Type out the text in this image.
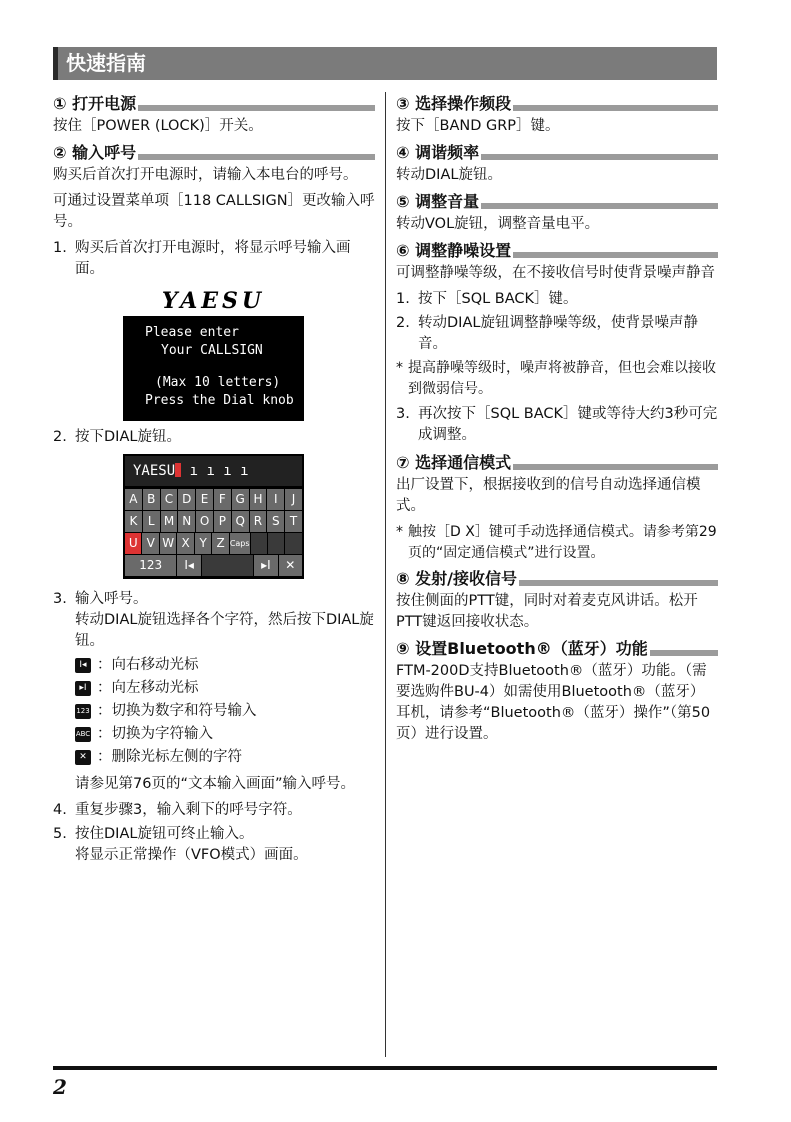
快速指南
① 打开电源

按住［POWER (LOCK)］开关。

② 输入呼号

购买后首次打开电源时，请输入本电台的呼号。

可通过设置菜单项［118 CALLSIGN］更改输入呼号。

1. 购买后首次打开电源时，将显示呼号输入画面。
YAESU
Please enter
Your CALLSIGN
(Max 10 letters)
Press the Dial knob
2. 按下DIAL旋钮。
YAESU ı ı ı ı
A B C D E F G H I	J
K L M N O P Q R S T
U V W X Y Z Caps
123	I◂	▸I	✕
3. 输入呼号。
转动DIAL旋钮选择各个字符，然后按下DIAL旋钮。
I◂ ：向右移动光标
▸I ：向左移动光标
123 ：切换为数字和符号输入
ABC ：切换为字符输入
✕ ：删除光标左侧的字符

请参见第76页的“文本输入画面”输入呼号。

4. 重复步骤3，输入剩下的呼号字符。
5. 按住DIAL旋钮可终止输入。
将显示正常操作（VFO模式）画面。
③ 选择操作频段

按下［BAND GRP］键。

④ 调谐频率

转动DIAL旋钮。

⑤ 调整音量

转动VOL旋钮，调整音量电平。

⑥ 调整静噪设置

可调整静噪等级，在不接收信号时使背景噪声静音

1. 按下［SQL BACK］键。
2. 转动DIAL旋钮调整静噪等级，使背景噪声静音。
* 提高静噪等级时，噪声将被静音，但也会难以接收到微弱信号。
3. 再次按下［SQL BACK］键或等待大约3秒可完成调整。
⑦ 选择通信模式

出厂设置下，根据接收到的信号自动选择通信模式。

* 触按［D X］键可手动选择通信模式。请参考第29页的“固定通信模式”进行设置。
⑧ 发射/接收信号

按住侧面的PTT键，同时对着麦克风讲话。松开PTT键返回接收状态。

⑨ 设置Bluetooth®（蓝牙）功能

FTM-200D支持Bluetooth®（蓝牙）功能。（需要选购件BU-4）如需使用Bluetooth®（蓝牙）耳机，请参考“Bluetooth®（蓝牙）操作”（第50页）进行设置。

2
